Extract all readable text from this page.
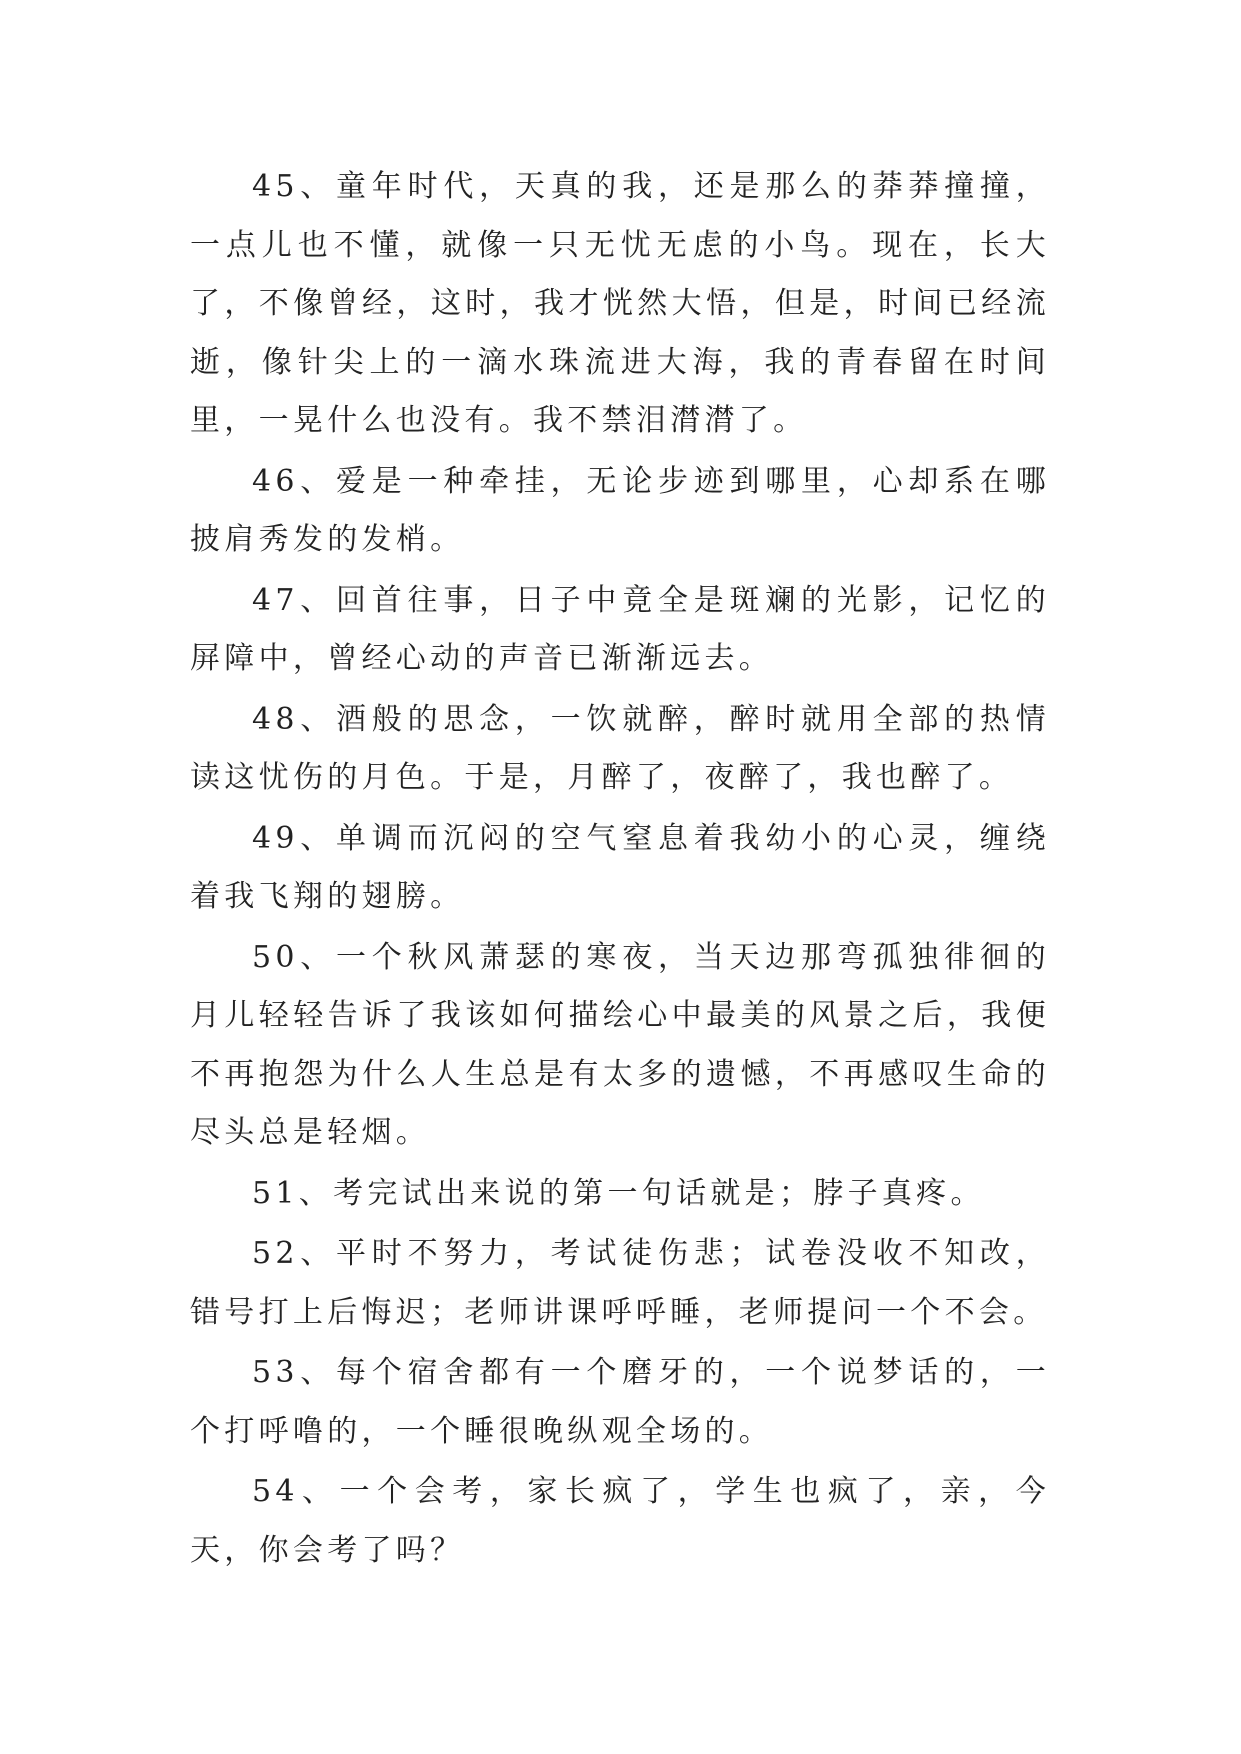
45、童年时代，天真的我，还是那么的莽莽撞撞，一点儿也不懂，就像一只无忧无虑的小鸟。现在，长大了，不像曾经，这时，我才恍然大悟，但是，时间已经流逝，像针尖上的一滴水珠流进大海，我的青春留在时间里，一晃什么也没有。我不禁泪潸潸了。

46、爱是一种牵挂，无论步迹到哪里，心却系在哪披肩秀发的发梢。

47、回首往事，日子中竟全是斑斓的光影，记忆的屏障中，曾经心动的声音已渐渐远去。

48、酒般的思念，一饮就醉，醉时就用全部的热情读这忧伤的月色。于是，月醉了，夜醉了，我也醉了。

49、单调而沉闷的空气窒息着我幼小的心灵，缠绕着我飞翔的翅膀。

50、一个秋风萧瑟的寒夜，当天边那弯孤独徘徊的月儿轻轻告诉了我该如何描绘心中最美的风景之后，我便不再抱怨为什么人生总是有太多的遗憾，不再感叹生命的尽头总是轻烟。

51、考完试出来说的第一句话就是；脖子真疼。

52、平时不努力，考试徒伤悲；试卷没收不知改，错号打上后悔迟；老师讲课呼呼睡，老师提问一个不会。

53、每个宿舍都有一个磨牙的，一个说梦话的，一个打呼噜的，一个睡很晚纵观全场的。

54、一个会考，家长疯了，学生也疯了，亲，今天，你会考了吗？
